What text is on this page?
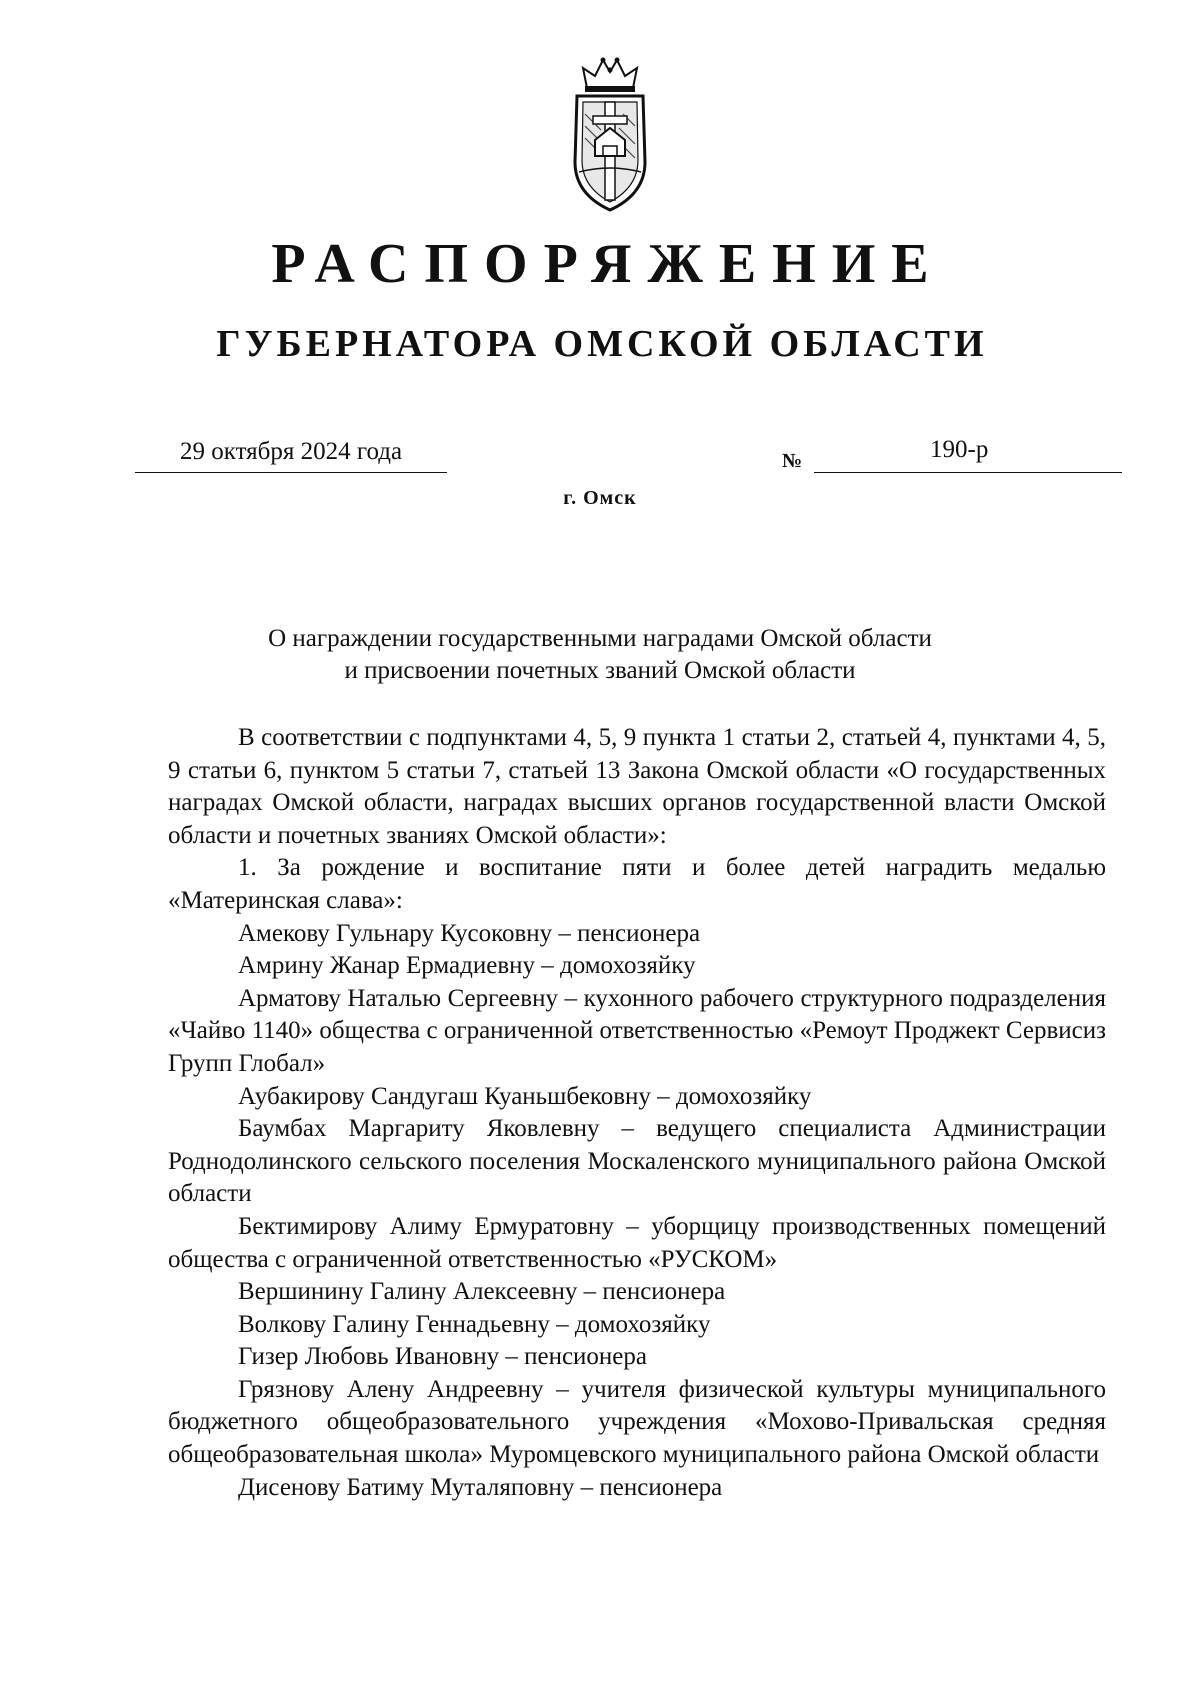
РАСПОРЯЖЕНИЕ
ГУБЕРНАТОРА ОМСКОЙ ОБЛАСТИ
29 октября 2024 года	№	190-р
г. Омск
О награждении государственными наградами Омской области
и присвоении почетных званий Омской области

В соответствии с подпунктами 4, 5, 9 пункта 1 статьи 2, статьей 4, пунктами 4, 5, 9 статьи 6, пунктом 5 статьи 7, статьей 13 Закона Омской области «О государственных наградах Омской области, наградах высших органов государственной власти Омской области и почетных званиях Омской области»:

1. За рождение и воспитание пяти и более детей наградить медалью «Материнская слава»:

Амекову Гульнару Кусоковну – пенсионера

Амрину Жанар Ермадиевну – домохозяйку

Арматову Наталью Сергеевну – кухонного рабочего структурного подразделения «Чайво 1140» общества с ограниченной ответственностью «Ремоут Проджект Сервисиз Групп Глобал»

Аубакирову Сандугаш Куаньшбековну – домохозяйку

Баумбах Маргариту Яковлевну – ведущего специалиста Администрации Роднодолинского сельского поселения Москаленского муниципального района Омской области

Бектимирову Алиму Ермуратовну – уборщицу производственных помещений общества с ограниченной ответственностью «РУСКОМ»

Вершинину Галину Алексеевну – пенсионера

Волкову Галину Геннадьевну – домохозяйку

Гизер Любовь Ивановну – пенсионера

Грязнову Алену Андреевну – учителя физической культуры муниципального бюджетного общеобразовательного учреждения «Мохово-Привальская средняя общеобразовательная школа» Муромцевского муниципального района Омской области

Дисенову Батиму Муталяповну – пенсионера
